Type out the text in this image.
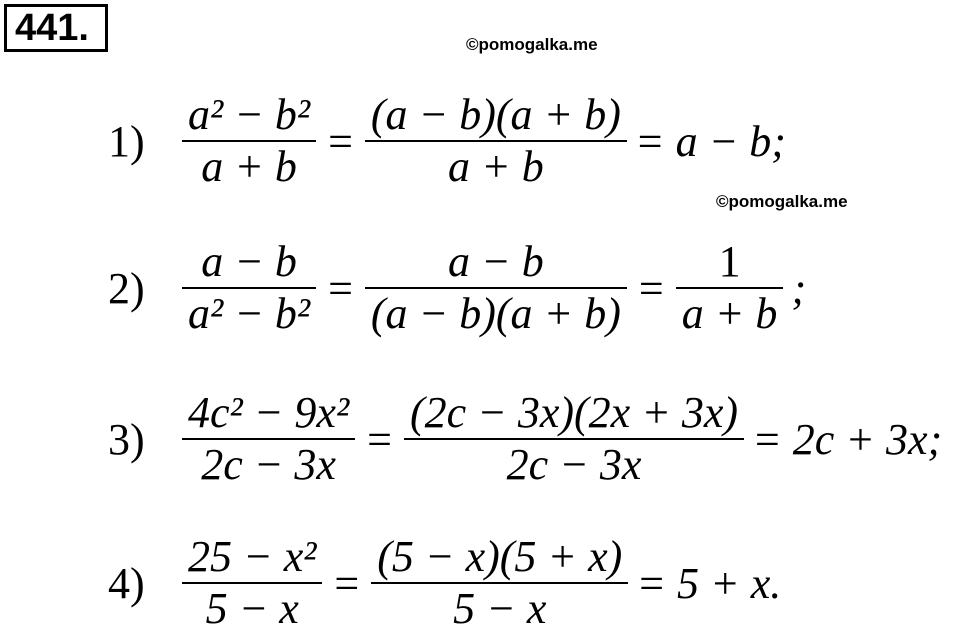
441.	©pomogalka.me
©pomogalka.me
$1) \frac{\text{a² − b²}}{a + b} = \frac{(a - b)(a + b)}{a + b} = a - b$;
$2) \frac{a - b}{\text{a² − b²}} = \frac{a - b}{(a - b)(a + b)} = \frac{1}{a + b}$ ;
$3) \frac{\text{4c² − 9x²}}{2c - 3x} = \frac{(2c - 3x)(2x + 3x)}{2c - 3x} = 2c + 3x$;
$4) \frac{\text{25 − x²}}{5 - x} = \frac{(5 - x)(5 + x)}{5 - x} = 5 + x$.
